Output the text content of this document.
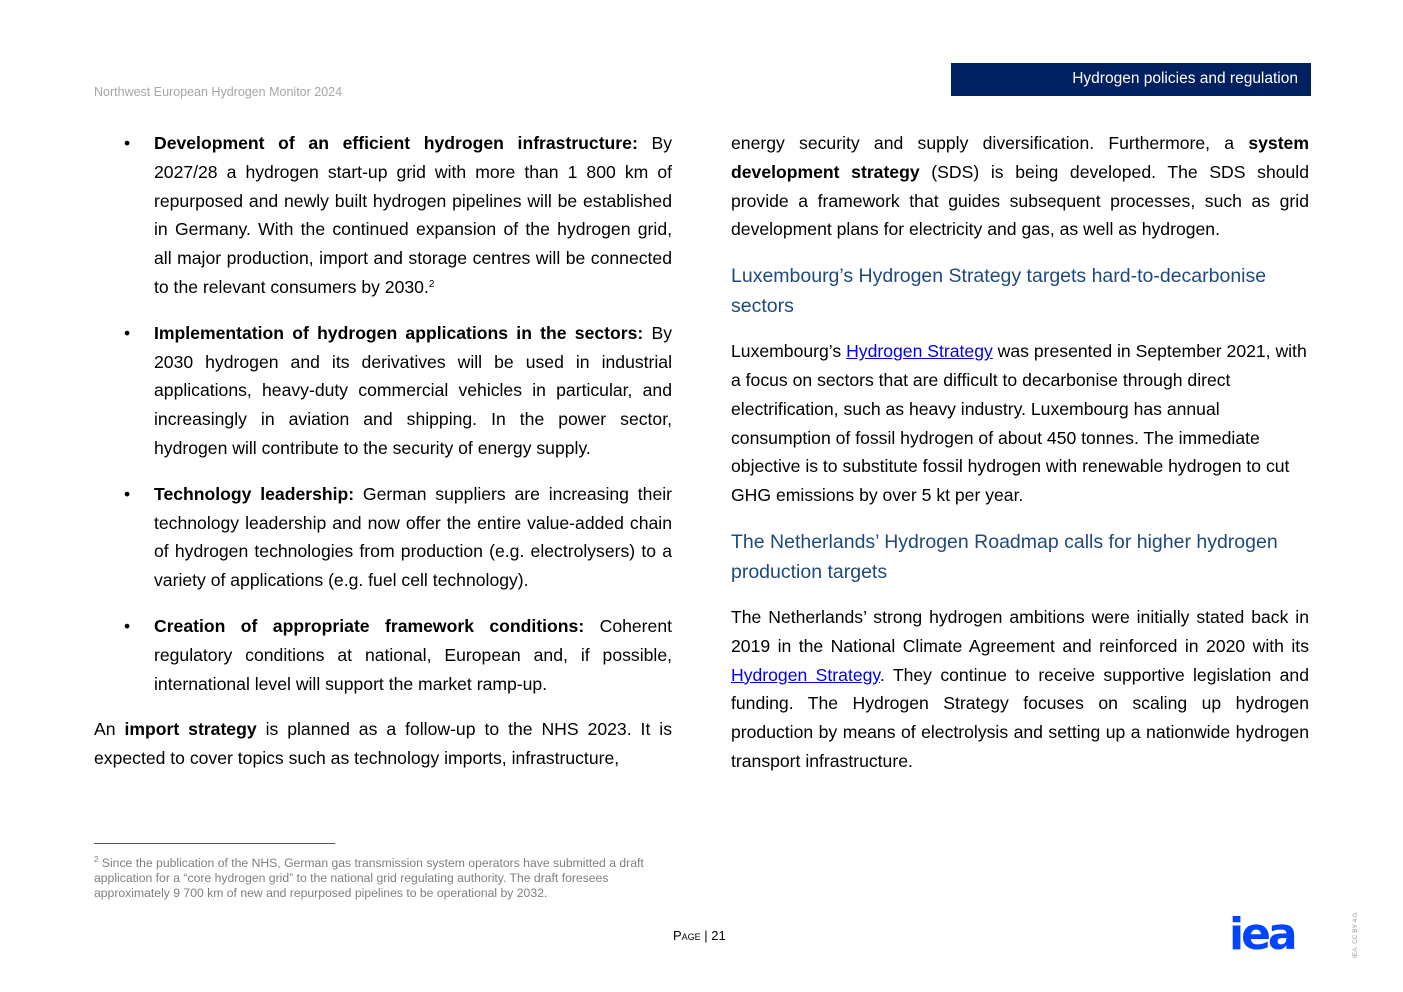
Northwest European Hydrogen Monitor 2024
Hydrogen policies and regulation
• Development of an efficient hydrogen infrastructure: By 2027/28 a hydrogen start-up grid with more than 1 800 km of repurposed and newly built hydrogen pipelines will be established in Germany. With the continued expansion of the hydrogen grid, all major production, import and storage centres will be connected to the relevant consumers by 2030.$^2$
• Implementation of hydrogen applications in the sectors: By 2030 hydrogen and its derivatives will be used in industrial applications, heavy-duty commercial vehicles in particular, and increasingly in aviation and shipping. In the power sector, hydrogen will contribute to the security of energy supply.
• Technology leadership: German suppliers are increasing their technology leadership and now offer the entire value-added chain of hydrogen technologies from production (e.g. electrolysers) to a variety of applications (e.g. fuel cell technology).
• Creation of appropriate framework conditions: Coherent regulatory conditions at national, European and, if possible, international level will support the market ramp-up.

An import strategy is planned as a follow-up to the NHS 2023. It is expected to cover topics such as technology imports, infrastructure,

energy security and supply diversification. Furthermore, a system development strategy (SDS) is being developed. The SDS should provide a framework that guides subsequent processes, such as grid development plans for electricity and gas, as well as hydrogen.

Luxembourg’s Hydrogen Strategy targets hard-to-decarbonise sectors

Luxembourg’s Hydrogen Strategy was presented in September 2021, with a focus on sectors that are difficult to decarbonise through direct electrification, such as heavy industry. Luxembourg has annual consumption of fossil hydrogen of about 450 tonnes. The immediate objective is to substitute fossil hydrogen with renewable hydrogen to cut GHG emissions by over 5 kt per year.

The Netherlands’ Hydrogen Roadmap calls for higher hydrogen production targets

The Netherlands’ strong hydrogen ambitions were initially stated back in 2019 in the National Climate Agreement and reinforced in 2020 with its Hydrogen Strategy. They continue to receive supportive legislation and funding. The Hydrogen Strategy focuses on scaling up hydrogen production by means of electrolysis and setting up a nationwide hydrogen transport infrastructure.

$^2$ Since the publication of the NHS, German gas transmission system operators have submitted a draft application for a “core hydrogen grid” to the national grid regulating authority. The draft foresees approximately 9 700 km of new and repurposed pipelines to be operational by 2032.
Page | 21	iea	IEA. CC BY 4.0.
